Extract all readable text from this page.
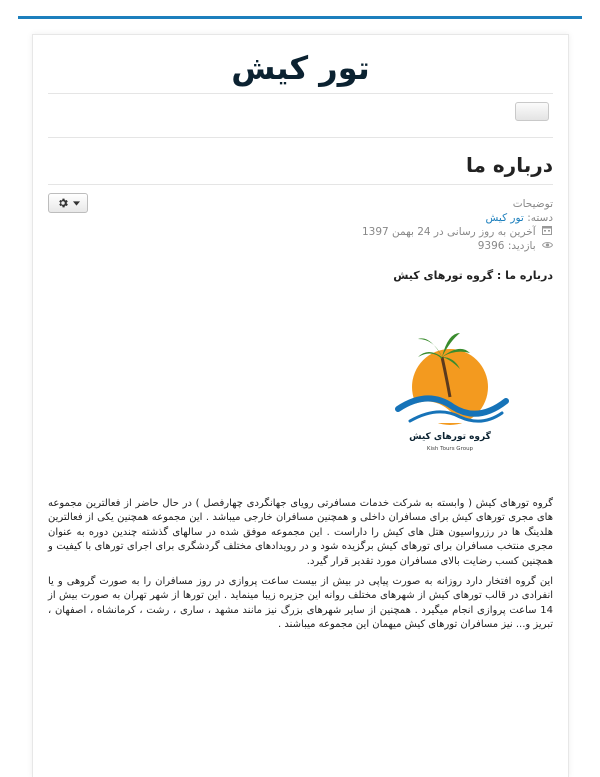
تور کیش
درباره ما
توضیحات
دسته: تور کیش
آخرین به روز رسانی در 24 بهمن 1397
بازدید: 9396
درباره ما : گروه تورهای کیش
گروه تورهای کیش
Kish Tours Group

گروه تورهای کیش ( وابسته به شرکت خدمات مسافرتی رویای جهانگردی چهارفصل ) در حال حاضر از فعالترین مجموعه های مجری تورهای کیش برای مسافران داخلی و همچنین مسافران خارجی میباشد . این مجموعه همچنین یکی از فعالترین هلدینگ ها در رزرواسیون هتل های کیش را داراست . این مجموعه موفق شده در سالهای گذشته چندین دوره به عنوان مجری منتخب مسافران برای تورهای کیش برگزیده شود و در رویدادهای مختلف گردشگری برای اجرای تورهای با کیفیت و همچنین کسب رضایت بالای مسافران مورد تقدیر قرار گیرد.

این گروه افتخار دارد روزانه به صورت پیاپی در بیش از بیست ساعت پروازی در روز مسافران را به صورت گروهی و یا انفرادی در قالب تورهای کیش از شهرهای مختلف روانه این جزیره زیبا مینماید . این تورها از شهر تهران به صورت بیش از 14 ساعت پروازی انجام میگیرد . همچنین از سایر شهرهای بزرگ نیز مانند مشهد ، ساری ، رشت ، کرمانشاه ، اصفهان ، تبریز و... نیز مسافران تورهای کیش میهمان این مجموعه میباشند .
